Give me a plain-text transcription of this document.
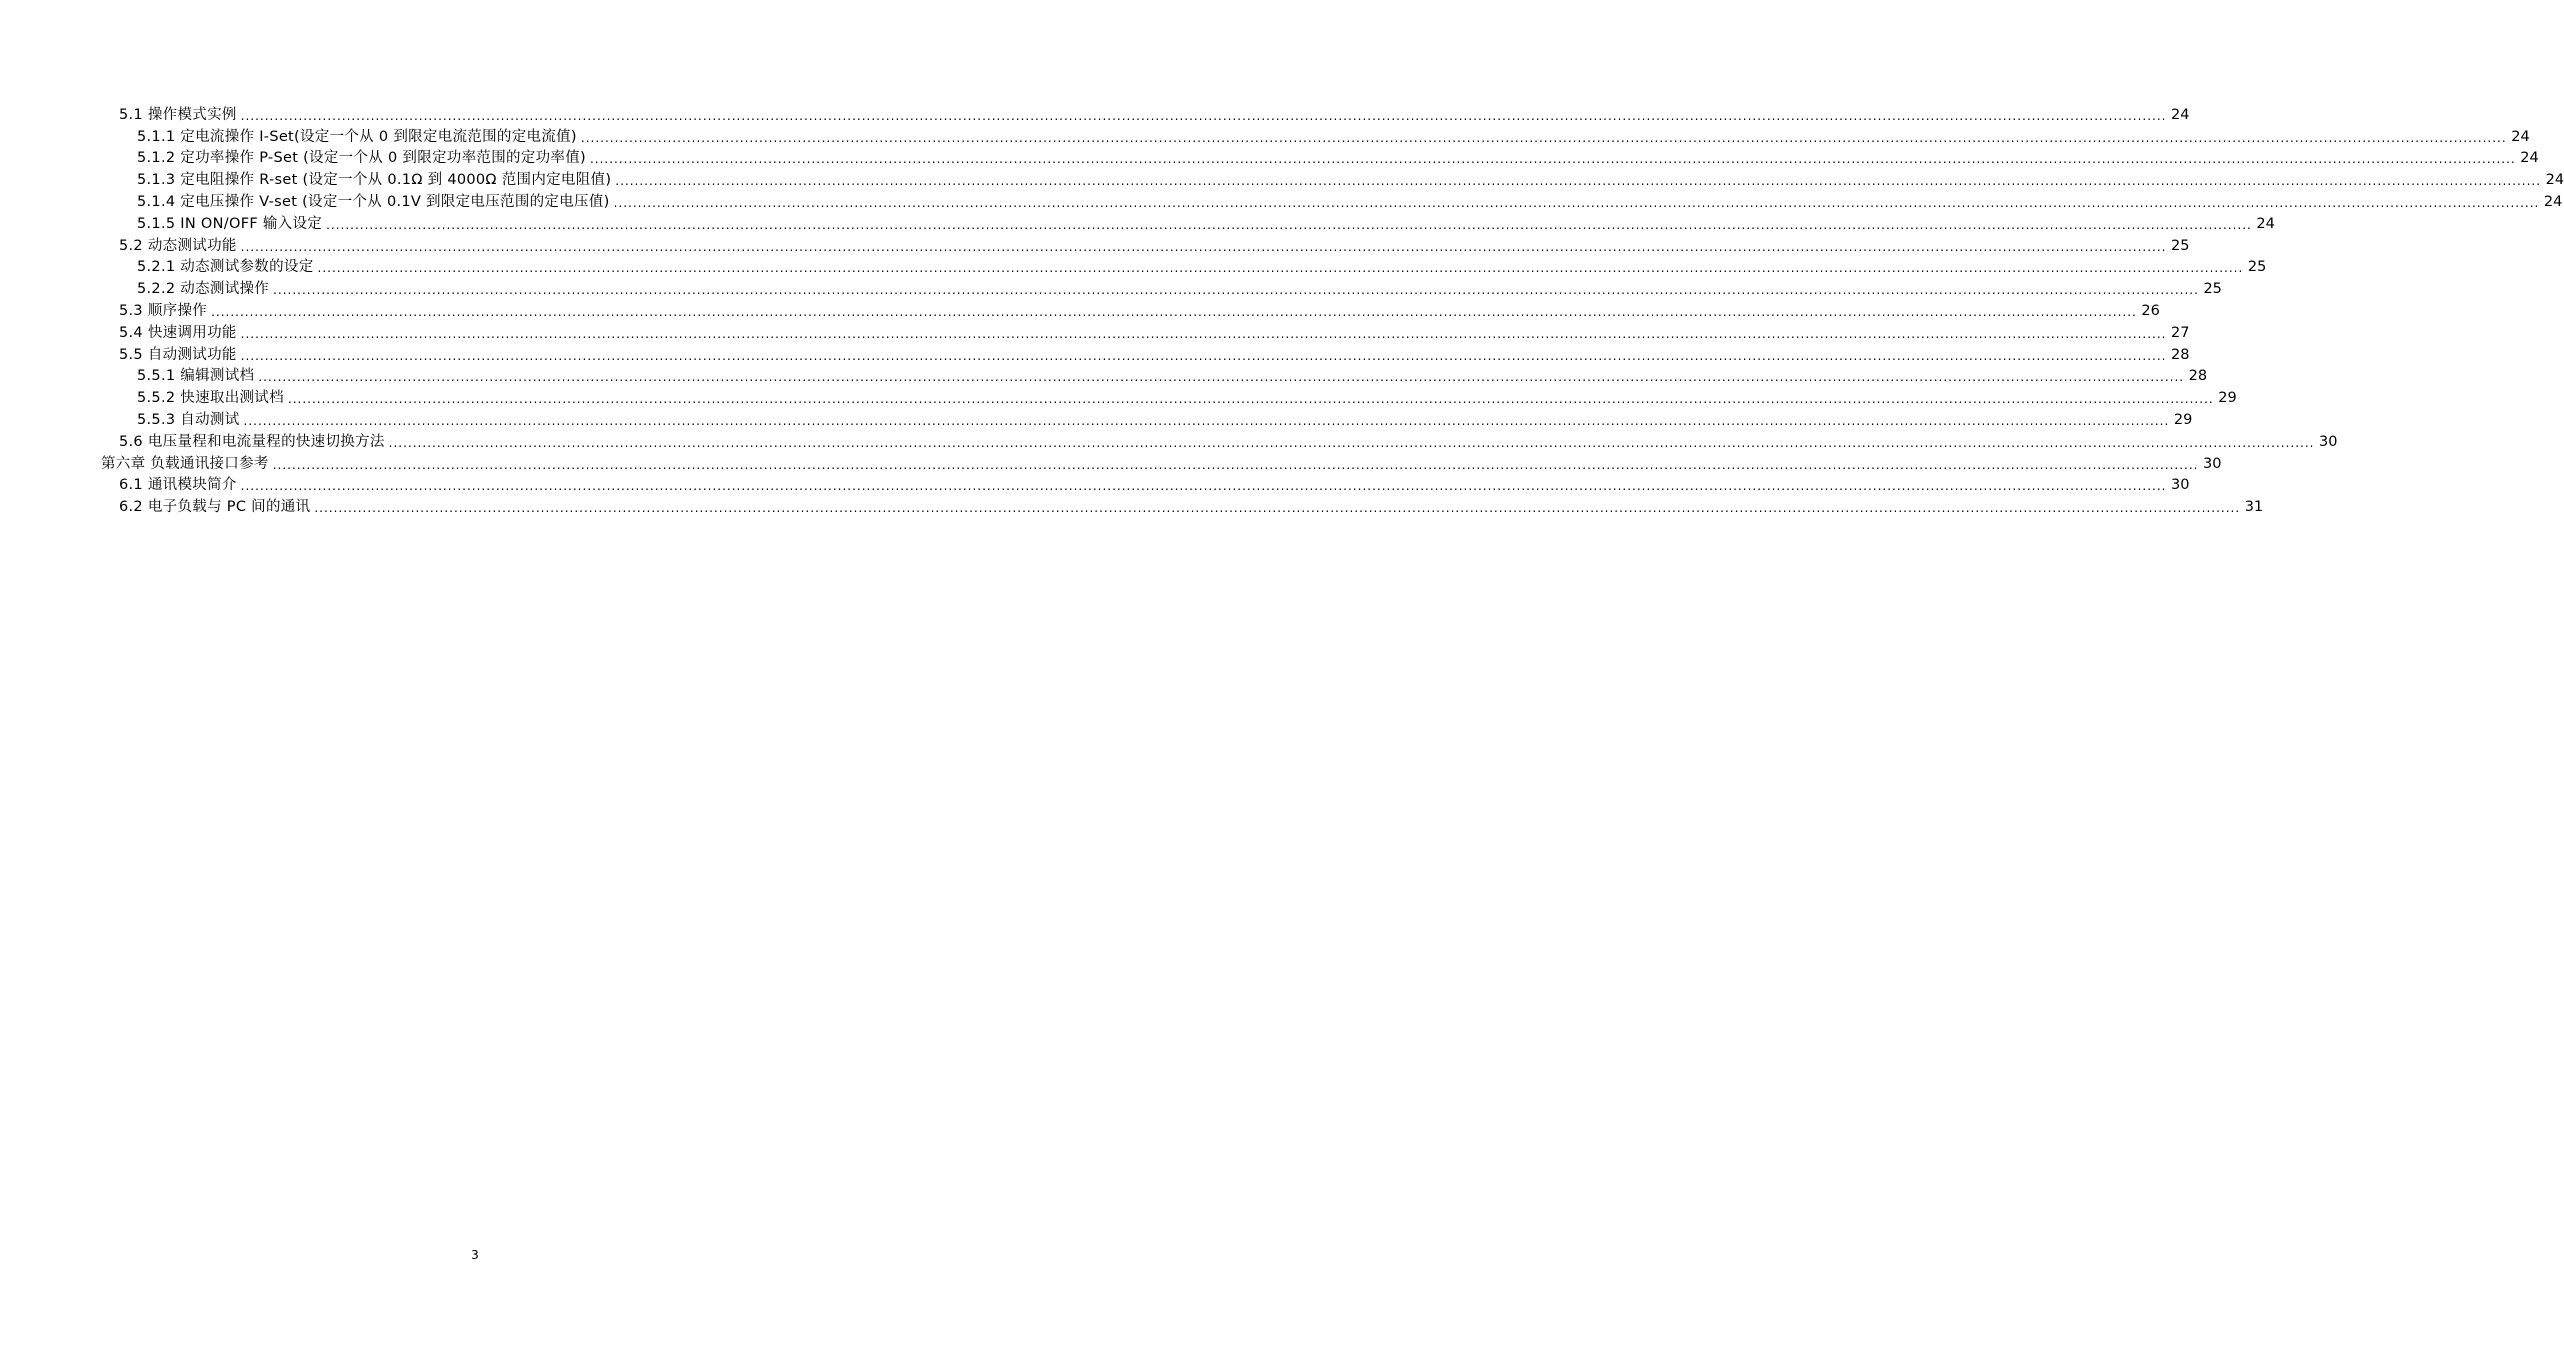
5.1 操作模式实例 ................................................................................................................................................................................................................................................................................................................................................................................................................ 24
5.1.1 定电流操作 I-Set(设定一个从 0 到限定电流范围的定电流值) ................................................................................................................................................................................................................................................................................................................................................................................................................ 24
5.1.2 定功率操作 P-Set (设定一个从 0 到限定功率范围的定功率值) ................................................................................................................................................................................................................................................................................................................................................................................................................ 24
5.1.3 定电阻操作 R-set (设定一个从 0.1Ω 到 4000Ω 范围内定电阻值) ................................................................................................................................................................................................................................................................................................................................................................................................................ 24
5.1.4 定电压操作 V-set (设定一个从 0.1V 到限定电压范围的定电压值) ................................................................................................................................................................................................................................................................................................................................................................................................................ 24
5.1.5 IN ON/OFF 输入设定 ................................................................................................................................................................................................................................................................................................................................................................................................................ 24
5.2 动态测试功能 ................................................................................................................................................................................................................................................................................................................................................................................................................ 25
5.2.1 动态测试参数的设定 ................................................................................................................................................................................................................................................................................................................................................................................................................ 25
5.2.2 动态测试操作 ................................................................................................................................................................................................................................................................................................................................................................................................................ 25
5.3 顺序操作 ................................................................................................................................................................................................................................................................................................................................................................................................................ 26
5.4 快速调用功能 ................................................................................................................................................................................................................................................................................................................................................................................................................ 27
5.5 自动测试功能 ................................................................................................................................................................................................................................................................................................................................................................................................................ 28
5.5.1 编辑测试档 ................................................................................................................................................................................................................................................................................................................................................................................................................ 28
5.5.2 快速取出测试档 ................................................................................................................................................................................................................................................................................................................................................................................................................ 29
5.5.3 自动测试 ................................................................................................................................................................................................................................................................................................................................................................................................................ 29
5.6 电压量程和电流量程的快速切换方法 ................................................................................................................................................................................................................................................................................................................................................................................................................ 30
第六章 负载通讯接口参考 ................................................................................................................................................................................................................................................................................................................................................................................................................ 30
6.1 通讯模块简介 ................................................................................................................................................................................................................................................................................................................................................................................................................ 30
6.2 电子负载与 PC 间的通讯 ................................................................................................................................................................................................................................................................................................................................................................................................................ 31
3
